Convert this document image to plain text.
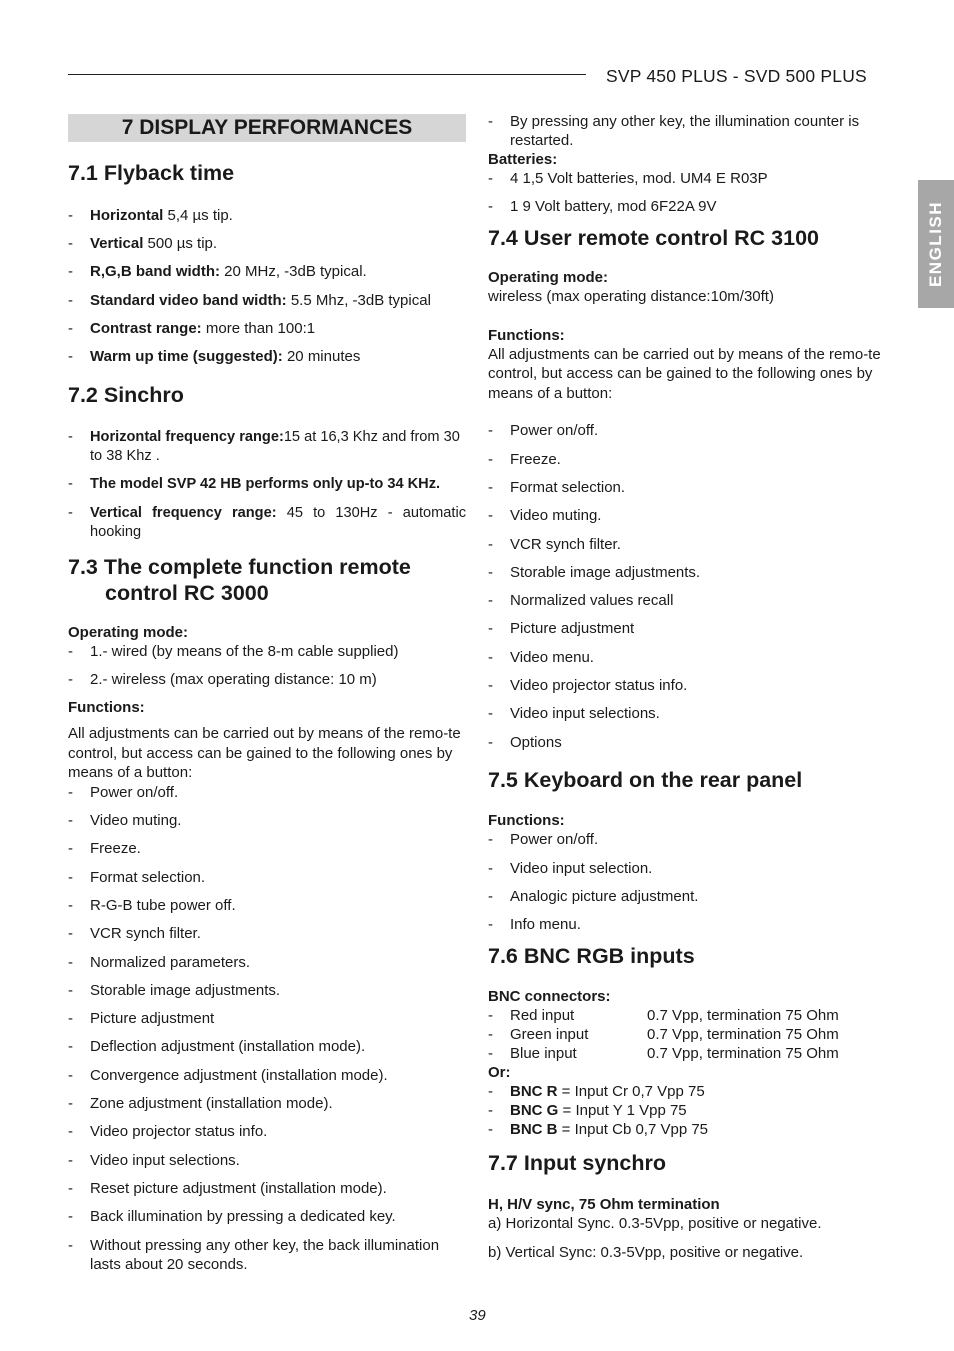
SVP 450 PLUS - SVD 500 PLUS
ENGLISH
7 DISPLAY PERFORMANCES
7.1 Flyback time
- Horizontal 5,4 µs tip.
- Vertical 500 µs tip.
- R,G,B band width: 20 MHz, -3dB typical.
- Standard video band width: 5.5 Mhz, -3dB typical
- Contrast range: more than 100:1
- Warm up time (suggested): 20 minutes
7.2 Sinchro
- Horizontal frequency range:15 at 16,3 Khz and from 30 to 38 Khz .
- The model SVP 42 HB performs only up-to 34 KHz.
- Vertical frequency range: 45 to 130Hz - automatic hooking
7.3 The complete function remote control RC 3000
Operating mode:
- 1.- wired (by means of the 8-m cable supplied)
- 2.- wireless (max operating distance: 10 m)
Functions:

All adjustments can be carried out by means of the remo-te control, but access can be gained to the following ones by means of a button:

- Power on/off.
- Video muting.
- Freeze.
- Format selection.
- R-G-B tube power off.
- VCR synch filter.
- Normalized parameters.
- Storable image adjustments.
- Picture adjustment
- Deflection adjustment (installation mode).
- Convergence adjustment (installation mode).
- Zone adjustment (installation mode).
- Video projector status info.
- Video input selections.
- Reset picture adjustment (installation mode).
- Back illumination by pressing a dedicated key.
- Without pressing any other key, the back illumination lasts about 20 seconds.
- By pressing any other key, the illumination counter is restarted.
Batteries:
- 4 1,5 Volt batteries, mod. UM4 E R03P
- 1 9 Volt battery, mod 6F22A 9V
7.4 User remote control RC 3100
Operating mode:

wireless (max operating distance:10m/30ft)

Functions:

All adjustments can be carried out by means of the remo-te control, but access can be gained to the following ones by means of a button:

- Power on/off.
- Freeze.
- Format selection.
- Video muting.
- VCR synch filter.
- Storable image adjustments.
- Normalized values recall
- Picture adjustment
- Video menu.
- Video projector status info.
- Video input selections.
- Options
7.5 Keyboard on the rear panel
Functions:
- Power on/off.
- Video input selection.
- Analogic picture adjustment.
- Info menu.
7.6 BNC RGB inputs
BNC connectors:
- Red input	0.7 Vpp, termination 75 Ohm
- Green input	0.7 Vpp, termination 75 Ohm
- Blue input	0.7 Vpp, termination 75 Ohm
Or:
- BNC R = Input Cr 0,7 Vpp 75
- BNC G = Input Y 1 Vpp 75
- BNC B = Input Cb 0,7 Vpp 75
7.7 Input synchro
H, H/V sync, 75 Ohm termination

a) Horizontal Sync. 0.3-5Vpp, positive or negative.

b) Vertical Sync: 0.3-5Vpp, positive or negative.

39
